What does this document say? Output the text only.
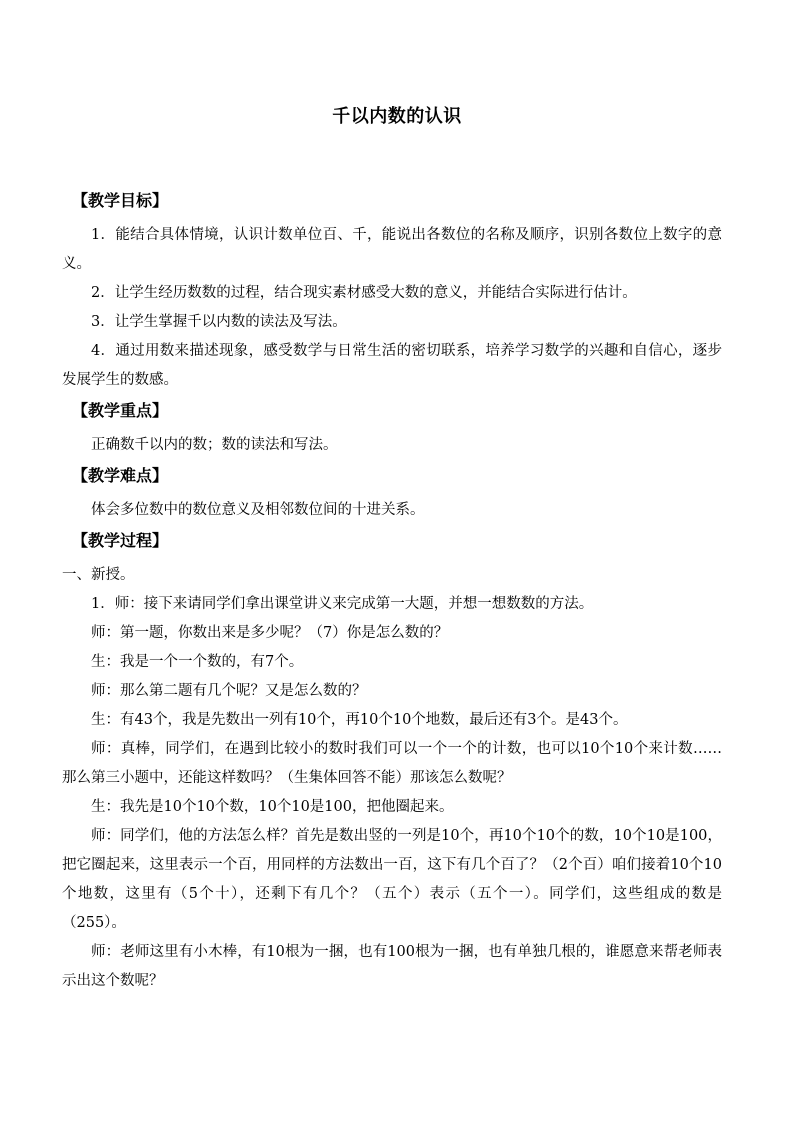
千以内数的认识
【教学目标】

1．能结合具体情境，认识计数单位百、千，能说出各数位的名称及顺序，识别各数位上数字的意义。

2．让学生经历数数的过程，结合现实素材感受大数的意义，并能结合实际进行估计。

3．让学生掌握千以内数的读法及写法。

4．通过用数来描述现象，感受数学与日常生活的密切联系，培养学习数学的兴趣和自信心，逐步发展学生的数感。

【教学重点】

正确数千以内的数；数的读法和写法。

【教学难点】

体会多位数中的数位意义及相邻数位间的十进关系。

【教学过程】

一、新授。

1．师：接下来请同学们拿出课堂讲义来完成第一大题，并想一想数数的方法。

师：第一题，你数出来是多少呢？（7）你是怎么数的？

生：我是一个一个数的，有7个。

师：那么第二题有几个呢？又是怎么数的？

生：有43个，我是先数出一列有10个，再10个10个地数，最后还有3个。是43个。

师：真棒，同学们，在遇到比较小的数时我们可以一个一个的计数，也可以10个10个来计数……那么第三小题中，还能这样数吗？（生集体回答不能）那该怎么数呢？

生：我先是10个10个数，10个10是100，把他圈起来。

师：同学们，他的方法怎么样？首先是数出竖的一列是10个，再10个10个的数，10个10是100，把它圈起来，这里表示一个百，用同样的方法数出一百，这下有几个百了？（2个百）咱们接着10个10个地数，这里有（5个十），还剩下有几个？（五个）表示（五个一）。同学们，这些组成的数是（255）。

师：老师这里有小木棒，有10根为一捆，也有100根为一捆，也有单独几根的，谁愿意来帮老师表示出这个数呢？
